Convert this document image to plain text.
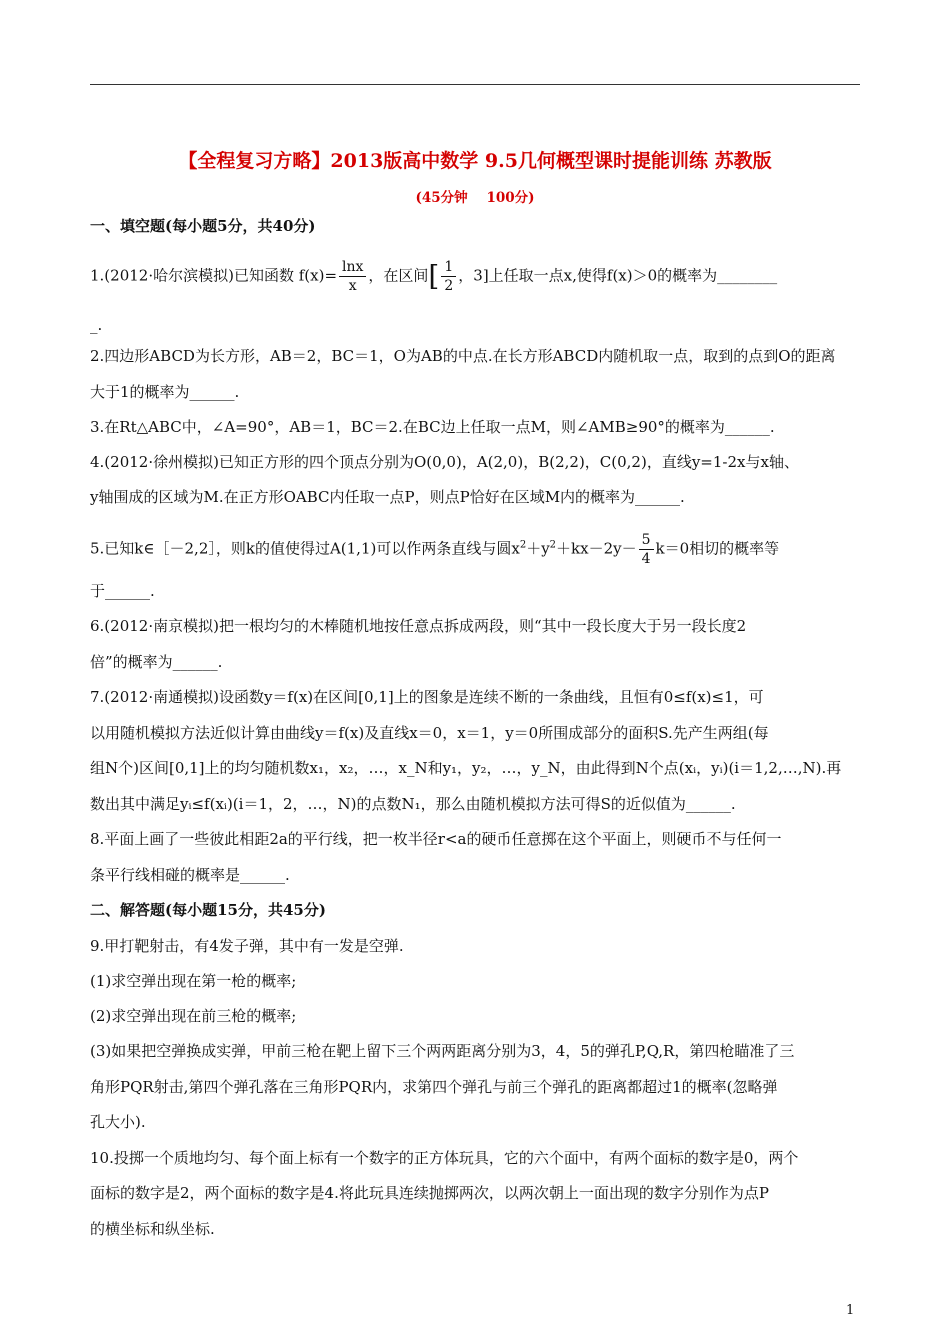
【全程复习方略】2013版高中数学 9.5几何概型课时提能训练 苏教版
(45分钟    100分)
一、填空题(每小题5分，共40分)
1.(2012·哈尔滨模拟)已知函数 $f(x)= \frac{\ln x}{x}$ ，在区间[ $\frac{1}{2}$ ，3]上任取一点x,使得f(x)＞0的概率为________
_.
2.四边形ABCD为长方形，AB＝2，BC＝1，O为AB的中点.在长方形ABCD内随机取一点，取到的点到O的距离
大于1的概率为______.
3.在Rt△ABC中，∠A=90°，AB＝1，BC＝2.在BC边上任取一点M，则∠AMB≥90°的概率为______.
4.(2012·徐州模拟)已知正方形的四个顶点分别为O(0,0)，A(2,0)，B(2,2)，C(0,2)，直线y=1-2x与x轴、
y轴围成的区域为M.在正方形OABC内任取一点P，则点P恰好在区域M内的概率为______.
5.已知k∈［－2,2］，则k的值使得过A(1,1)可以作两条直线与圆$x^2+y^2+kx-2y- \frac{5}{4} k=0$相切的概率等
于______.
6.(2012·南京模拟)把一根均匀的木棒随机地按任意点拆成两段，则“其中一段长度大于另一段长度2
倍”的概率为______.
7.(2012·南通模拟)设函数y＝f(x)在区间[0,1]上的图象是连续不断的一条曲线，且恒有0≤f(x)≤1，可
以用随机模拟方法近似计算由曲线y＝f(x)及直线x＝0，x＝1，y＝0所围成部分的面积S.先产生两组(每
组N个)区间[0,1]上的均匀随机数x₁，x₂，…，x_N和y₁，y₂，…，y_N，由此得到N个点(xᵢ，yᵢ)(i＝1,2,…,N).再
数出其中满足yᵢ≤f(xᵢ)(i＝1，2，…，N)的点数N₁，那么由随机模拟方法可得S的近似值为______.
8.平面上画了一些彼此相距2a的平行线，把一枚半径r<a的硬币任意掷在这个平面上，则硬币不与任何一
条平行线相碰的概率是______.
二、解答题(每小题15分，共45分)
9.甲打靶射击，有4发子弹，其中有一发是空弹.
(1)求空弹出现在第一枪的概率;
(2)求空弹出现在前三枪的概率;
(3)如果把空弹换成实弹，甲前三枪在靶上留下三个两两距离分别为3，4，5的弹孔P,Q,R，第四枪瞄准了三
角形PQR射击,第四个弹孔落在三角形PQR内，求第四个弹孔与前三个弹孔的距离都超过1的概率(忽略弹
孔大小).
10.投掷一个质地均匀、每个面上标有一个数字的正方体玩具，它的六个面中，有两个面标的数字是0，两个
面标的数字是2，两个面标的数字是4.将此玩具连续抛掷两次，以两次朝上一面出现的数字分别作为点P
的横坐标和纵坐标.
1
